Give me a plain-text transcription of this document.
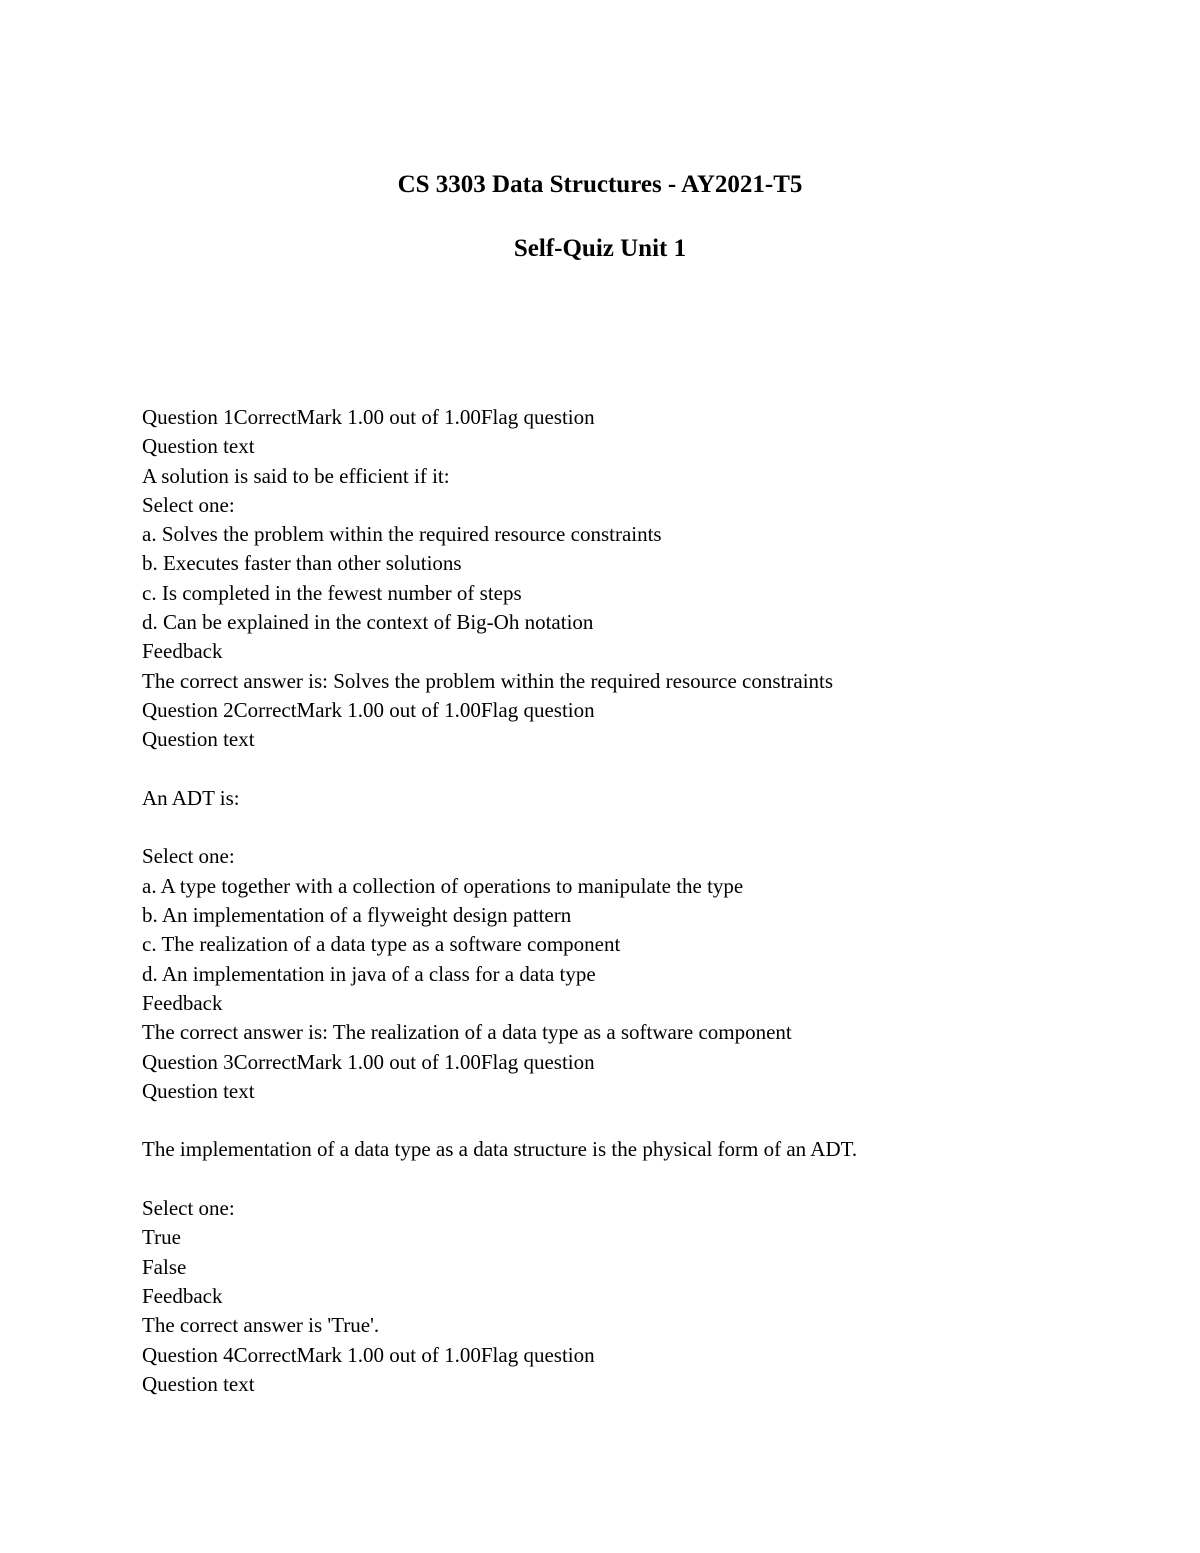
CS 3303 Data Structures - AY2021-T5
Self-Quiz Unit 1
Question 1CorrectMark 1.00 out of 1.00Flag question
Question text
A solution is said to be efficient if it:
Select one:
a. Solves the problem within the required resource constraints
b. Executes faster than other solutions
c. Is completed in the fewest number of steps
d. Can be explained in the context of Big-Oh notation
Feedback
The correct answer is: Solves the problem within the required resource constraints
Question 2CorrectMark 1.00 out of 1.00Flag question
Question text
An ADT is:
Select one:
a. A type together with a collection of operations to manipulate the type
b. An implementation of a flyweight design pattern
c. The realization of a data type as a software component
d. An implementation in java of a class for a data type
Feedback
The correct answer is: The realization of a data type as a software component
Question 3CorrectMark 1.00 out of 1.00Flag question
Question text
The implementation of a data type as a data structure is the physical form of an ADT.
Select one:
True
False
Feedback
The correct answer is 'True'.
Question 4CorrectMark 1.00 out of 1.00Flag question
Question text
